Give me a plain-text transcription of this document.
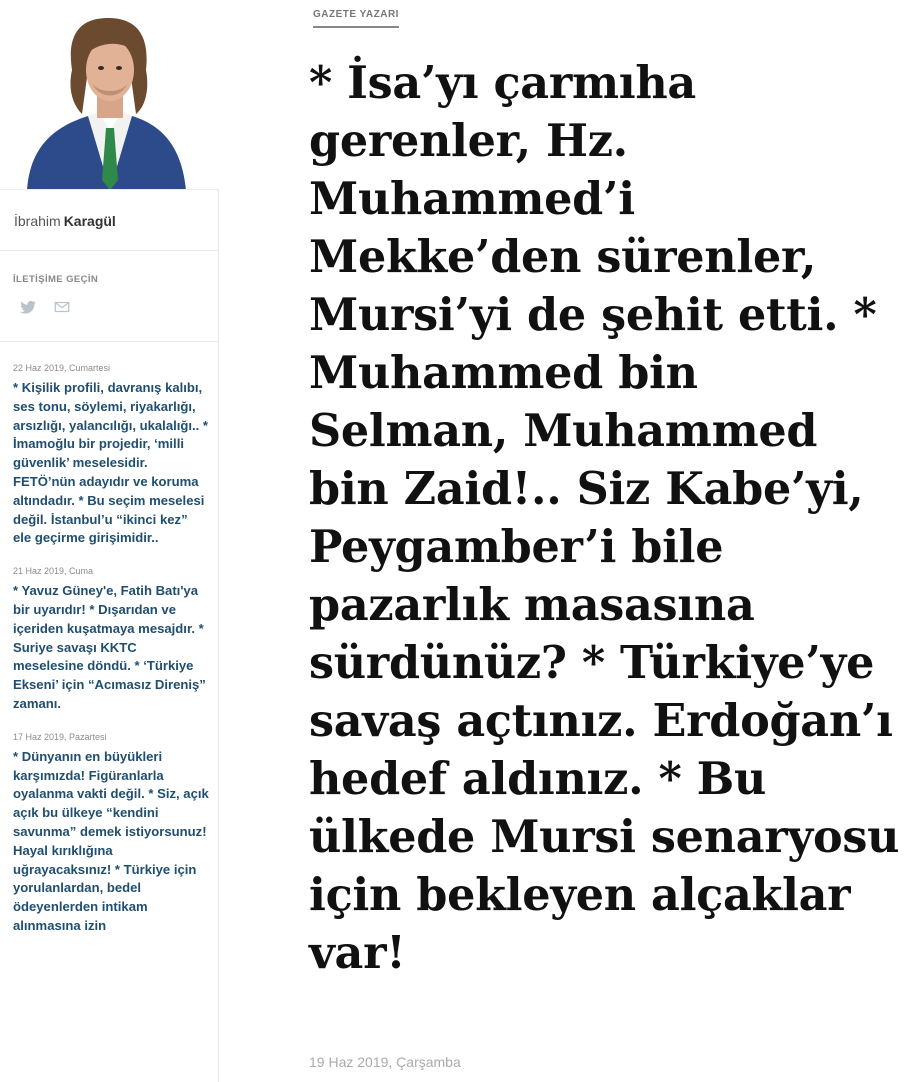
İbrahim Karagül
İLETİŞİME GEÇİN
22 Haz 2019, Cumartesi
* Kişilik profili, davranış kalıbı, ses tonu, söylemi, riyakarlığı, arsızlığı, yalancılığı, ukalalığı.. * İmamoğlu bir projedir, ‘milli güvenlik’ meselesidir. FETÖ’nün adayıdır ve koruma altındadır. * Bu seçim meselesi değil. İstanbul’u “ikinci kez” ele geçirme girişimidir..
21 Haz 2019, Cuma
* Yavuz Güney'e, Fatih Batı'ya bir uyarıdır! * Dışarıdan ve içeriden kuşatmaya mesajdır. * Suriye savaşı KKTC meselesine döndü. * ‘Türkiye Ekseni’ için “Acımasız Direniş” zamanı.
17 Haz 2019, Pazartesi
* Dünyanın en büyükleri karşımızda! Figüranlarla oyalanma vakti değil. * Siz, açık açık bu ülkeye “kendini savunma” demek istiyorsunuz! Hayal kırıklığına uğrayacaksınız! * Türkiye için yorulanlardan, bedel ödeyenlerden intikam alınmasına izin
GAZETE YAZARI
* İsa’yı çarmıha gerenler, Hz. Muhammed’i Mekke’den sürenler, Mursi’yi de şehit etti. * Muhammed bin Selman, Muhammed bin Zaid!.. Siz Kabe’yi, Peygamber’i bile pazarlık masasına sürdünüz? * Türkiye’ye savaş açtınız. Erdoğan’ı hedef aldınız. * Bu ülkede Mursi senaryosu için bekleyen alçaklar var!
19 Haz 2019, Çarşamba
